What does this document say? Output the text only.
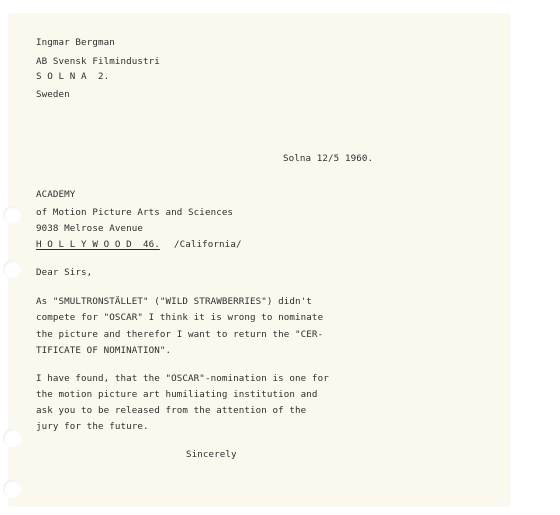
Ingmar Bergman
AB Svensk Filmindustri
S O L N A  2.
Sweden
Solna 12/5 1960.
ACADEMY
of Motion Picture Arts and Sciences
9038 Melrose Avenue
H O L L Y W O O D  46. /California/
Dear Sirs,
As "SMULTRONSTÄLLET" ("WILD STRAWBERRIES") didn't
compete for "OSCAR" I think it is wrong to nominate
the picture and therefor I want to return the "CER-
TIFICATE OF NOMINATION".
I have found, that the "OSCAR"-nomination is one for
the motion picture art humiliating institution and
ask you to be released from the attention of the
jury for the future.
Sincerely
